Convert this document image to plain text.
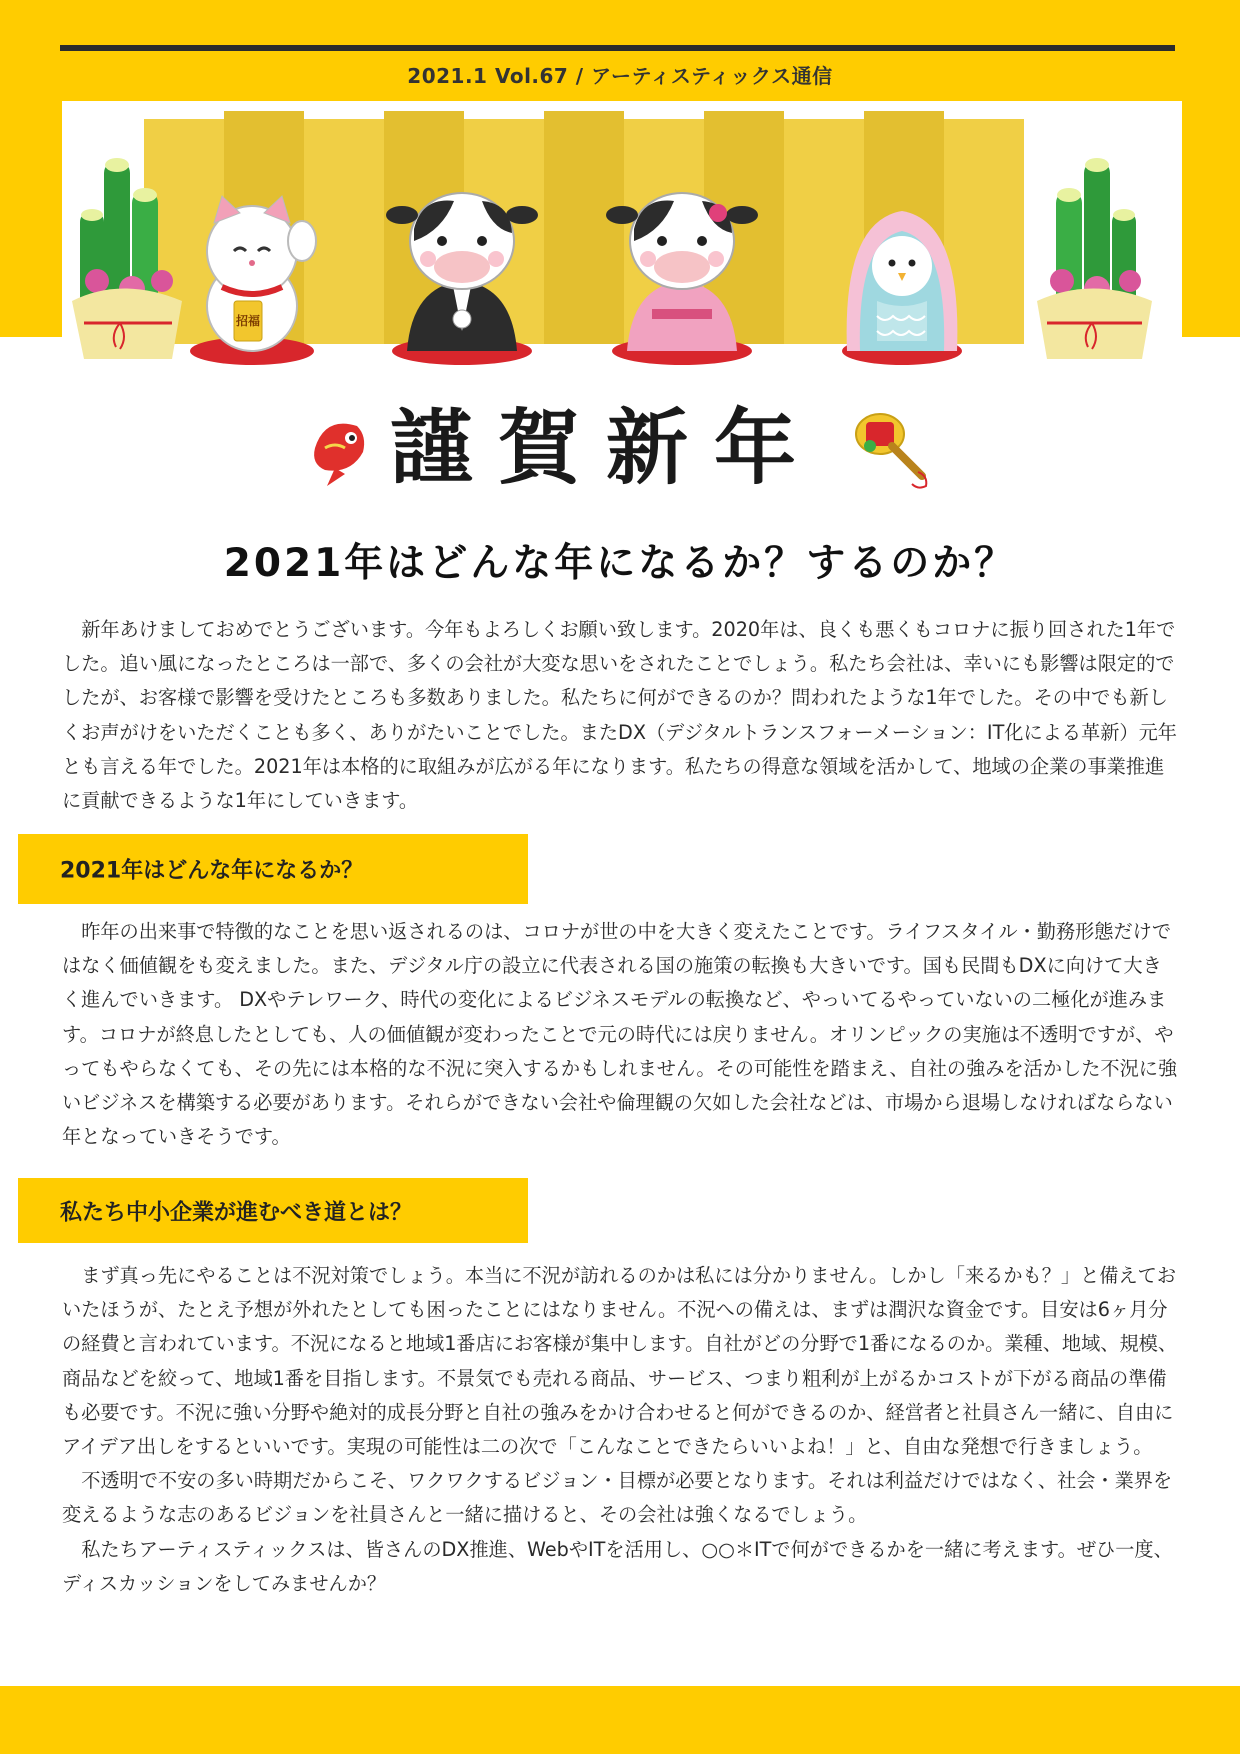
2021.1 Vol.67 / アーティスティックス通信
招福
謹賀新年
2021年はどんな年になるか？するのか？

新年あけましておめでとうございます。今年もよろしくお願い致します。2020年は、良くも悪くもコロナに振り回された1年でした。追い風になったところは一部で、多くの会社が大変な思いをされたことでしょう。私たち会社は、幸いにも影響は限定的でしたが、お客様で影響を受けたところも多数ありました。私たちに何ができるのか？問われたような1年でした。その中でも新しくお声がけをいただくことも多く、ありがたいことでした。またDX（デジタルトランスフォーメーション：IT化による革新）元年とも言える年でした。2021年は本格的に取組みが広がる年になります。私たちの得意な領域を活かして、地域の企業の事業推進に貢献できるような1年にしていきます。

2021年はどんな年になるか？

昨年の出来事で特徴的なことを思い返されるのは、コロナが世の中を大きく変えたことです。ライフスタイル・勤務形態だけではなく価値観をも変えました。また、デジタル庁の設立に代表される国の施策の転換も大きいです。国も民間もDXに向けて大きく進んでいきます。 DXやテレワーク、時代の変化によるビジネスモデルの転換など、やっいてるやっていないの二極化が進みます。コロナが終息したとしても、人の価値観が変わったことで元の時代には戻りません。オリンピックの実施は不透明ですが、やってもやらなくても、その先には本格的な不況に突入するかもしれません。その可能性を踏まえ、自社の強みを活かした不況に強いビジネスを構築する必要があります。それらができない会社や倫理観の欠如した会社などは、市場から退場しなければならない年となっていきそうです。

私たち中小企業が進むべき道とは？

まず真っ先にやることは不況対策でしょう。本当に不況が訪れるのかは私には分かりません。しかし「来るかも？」と備えておいたほうが、たとえ予想が外れたとしても困ったことにはなりません。不況への備えは、まずは潤沢な資金です。目安は6ヶ月分の経費と言われています。不況になると地域1番店にお客様が集中します。自社がどの分野で1番になるのか。業種、地域、規模、商品などを絞って、地域1番を目指します。不景気でも売れる商品、サービス、つまり粗利が上がるかコストが下がる商品の準備も必要です。不況に強い分野や絶対的成長分野と自社の強みをかけ合わせると何ができるのか、経営者と社員さん一緒に、自由にアイデア出しをするといいです。実現の可能性は二の次で「こんなことできたらいいよね！」と、自由な発想で行きましょう。

不透明で不安の多い時期だからこそ、ワクワクするビジョン・目標が必要となります。それは利益だけではなく、社会・業界を変えるような志のあるビジョンを社員さんと一緒に描けると、その会社は強くなるでしょう。

私たちアーティスティックスは、皆さんのDX推進、WebやITを活用し、○○＊ITで何ができるかを一緒に考えます。ぜひ一度、ディスカッションをしてみませんか？
